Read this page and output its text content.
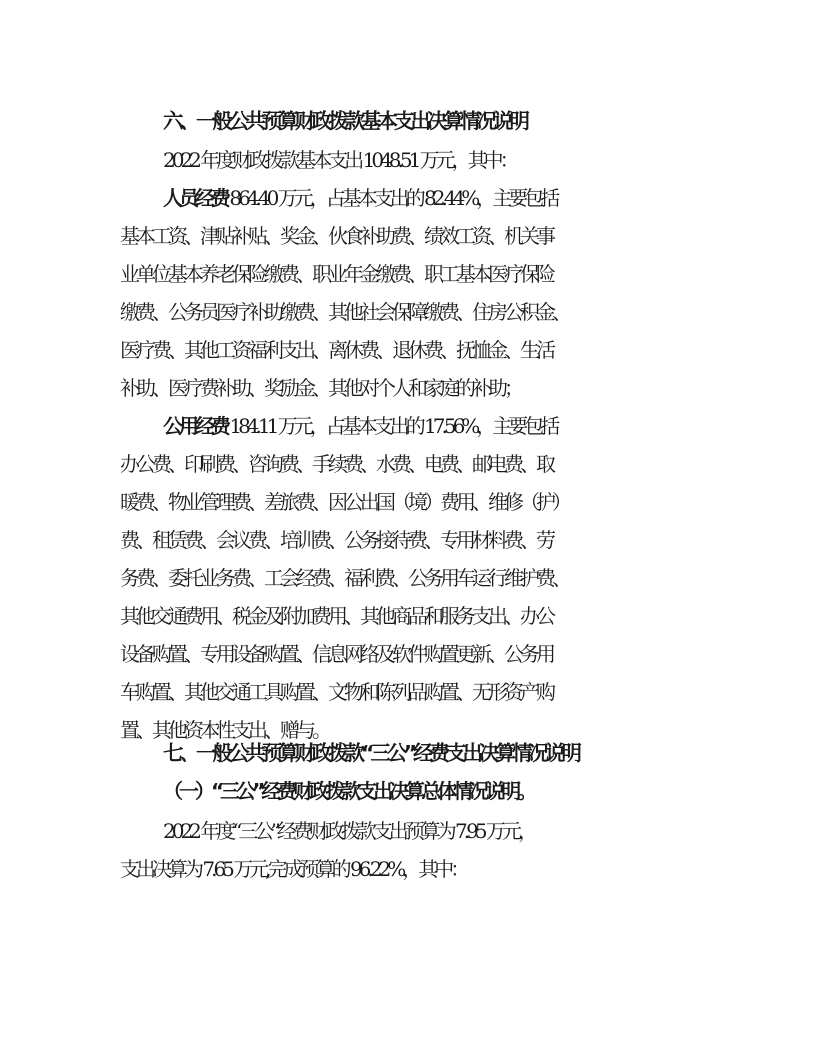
六、一般公共预算财政拨款基本支出决算情况说明
2022 年度财政拨款基本支出 1048.51 万元，其中：
人员经费 864.40 万元，占基本支出的 82.44%，主要包括
基本工资、津贴补贴、奖金、伙食补助费、绩效工资、机关事
业单位基本养老保险缴费、职业年金缴费、职工基本医疗保险
缴费、公务员医疗补助缴费、其他社会保障缴费、住房公积金、
医疗费、其他工资福利支出、离休费、退休费、抚恤金、生活
补助、医疗费补助、奖励金、其他对个人和家庭的补助；
公用经费 184.11 万元，占基本支出的 17.56%，主要包括
办公费、印刷费、咨询费、手续费、水费、电费、邮电费、取
暖费、物业管理费、差旅费、因公出国（境）费用、维修（护）
费、租赁费、会议费、培训费、公务接待费、专用材料费、劳
务费、委托业务费、工会经费、福利费、公务用车运行维护费、
其他交通费用、税金及附加费用、其他商品和服务支出、办公
设备购置、专用设备购置、信息网络及软件购置更新、公务用
车购置、其他交通工具购置、文物和陈列品购置、无形资产购
置、其他资本性支出、赠与。
七、一般公共预算财政拨款“三公”经费支出决算情况说明
（一）“三公”经费财政拨款支出决算总体情况说明。
2022 年度“三公”经费财政拨款支出预算为 7.95 万元，
支出决算为 7.65 万元,完成预算的 96.22%，其中：
